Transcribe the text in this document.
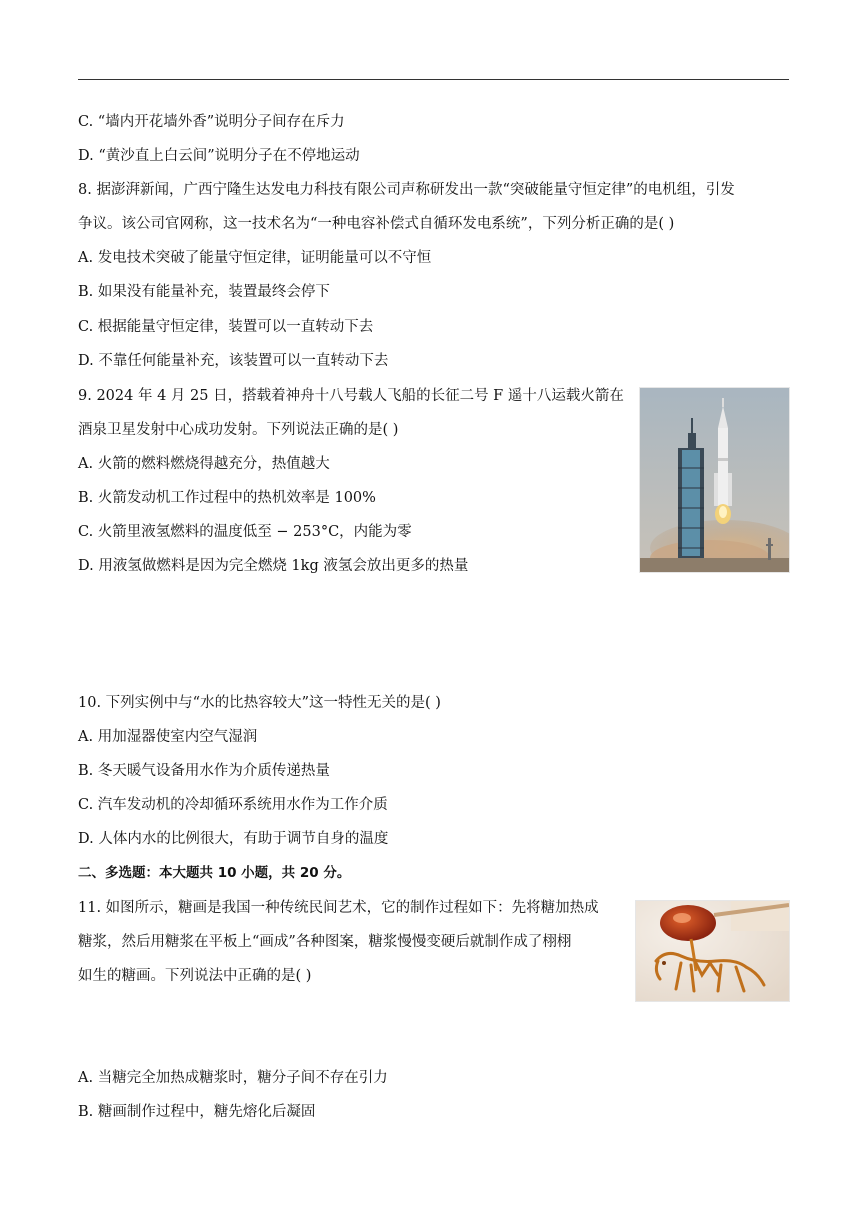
C. “墙内开花墙外香”说明分子间存在斥力
D. “黄沙直上白云间”说明分子在不停地运动
8. 据澎湃新闻，广西宁隆生达发电力科技有限公司声称研发出一款“突破能量守恒定律”的电机组，引发
争议。该公司官网称，这一技术名为“一种电容补偿式自循环发电系统”，下列分析正确的是( )
A. 发电技术突破了能量守恒定律，证明能量可以不守恒
B. 如果没有能量补充，装置最终会停下
C. 根据能量守恒定律，装置可以一直转动下去
D. 不靠任何能量补充，该装置可以一直转动下去
9. 2024 年 4 月 25 日，搭载着神舟十八号载人飞船的长征二号 F 遥十八运载火箭在
酒泉卫星发射中心成功发射。下列说法正确的是( )
A. 火箭的燃料燃烧得越充分，热值越大
B. 火箭发动机工作过程中的热机效率是 100%
C. 火箭里液氢燃料的温度低至 − 253°C，内能为零
D. 用液氢做燃料是因为完全燃烧 1kg 液氢会放出更多的热量
10. 下列实例中与“水的比热容较大”这一特性无关的是( )
A. 用加湿器使室内空气湿润
B. 冬天暖气设备用水作为介质传递热量
C. 汽车发动机的冷却循环系统用水作为工作介质
D. 人体内水的比例很大，有助于调节自身的温度
二、多选题：本大题共 10 小题，共 20 分。
11. 如图所示，糖画是我国一种传统民间艺术，它的制作过程如下：先将糖加热成
糖浆，然后用糖浆在平板上“画成”各种图案，糖浆慢慢变硬后就制作成了栩栩
如生的糖画。下列说法中正确的是( )
A. 当糖完全加热成糖浆时，糖分子间不存在引力
B. 糖画制作过程中，糖先熔化后凝固
